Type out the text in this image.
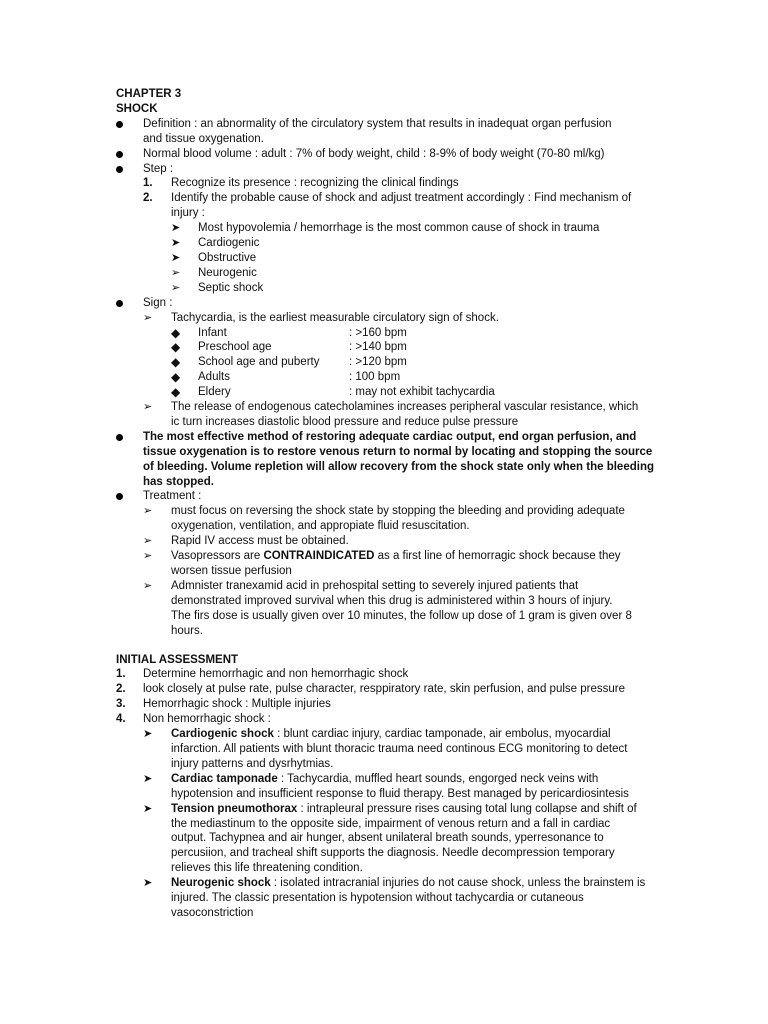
CHAPTER 3
SHOCK
Definition : an abnormality of the circulatory system that results in inadequat organ perfusion
and tissue oxygenation.
Normal blood volume : adult : 7% of body weight, child : 8-9% of body weight (70-80 ml/kg)
Step :
1. Recognize its presence : recognizing the clinical findings
2. Identify the probable cause of shock and adjust treatment accordingly : Find mechanism of
injury :
➤ Most hypovolemia / hemorrhage is the most common cause of shock in trauma
➤ Cardiogenic
➤ Obstructive
➢ Neurogenic
➢ Septic shock
Sign :
➢ Tachycardia, is the earliest measurable circulatory sign of shock.
◆ Infant	: >160 bpm
◆ Preschool age	: >140 bpm
◆ School age and puberty	: >120 bpm
◆ Adults	: 100 bpm
◆ Eldery	: may not exhibit tachycardia
➢ The release of endogenous catecholamines increases peripheral vascular resistance, which
ic turn increases diastolic blood pressure and reduce pulse pressure
The most effective method of restoring adequate cardiac output, end organ perfusion, and
tissue oxygenation is to restore venous return to normal by locating and stopping the source
of bleeding. Volume repletion will allow recovery from the shock state only when the bleeding
has stopped.
Treatment :
➢ must focus on reversing the shock state by stopping the bleeding and providing adequate
oxygenation, ventilation, and appropiate fluid resuscitation.
➢ Rapid IV access must be obtained.
➢ Vasopressors are CONTRAINDICATED as a first line of hemorragic shock because they
worsen tissue perfusion
➢ Admnister tranexamid acid in prehospital setting to severely injured patients that
demonstrated improved survival when this drug is administered within 3 hours of injury.
The firs dose is usually given over 10 minutes, the follow up dose of 1 gram is given over 8
hours.
INITIAL ASSESSMENT
1. Determine hemorrhagic and non hemorrhagic shock
2. look closely at pulse rate, pulse character, resppiratory rate, skin perfusion, and pulse pressure
3. Hemorrhagic shock : Multiple injuries
4. Non hemorrhagic shock :
➤ Cardiogenic shock : blunt cardiac injury, cardiac tamponade, air embolus, myocardial
infarction. All patients with blunt thoracic trauma need continous ECG monitoring to detect
injury patterns and dysrhytmias.
➤ Cardiac tamponade : Tachycardia, muffled heart sounds, engorged neck veins with
hypotension and insufficient response to fluid therapy. Best managed by pericardiosintesis
➤ Tension pneumothorax : intrapleural pressure rises causing total lung collapse and shift of
the mediastinum to the opposite side, impairment of venous return and a fall in cardiac
output. Tachypnea and air hunger, absent unilateral breath sounds, yperresonance to
percusiion, and tracheal shift supports the diagnosis. Needle decompression temporary
relieves this life threatening condition.
➤ Neurogenic shock : isolated intracranial injuries do not cause shock, unless the brainstem is
injured. The classic presentation is hypotension without tachycardia or cutaneous
vasoconstriction
